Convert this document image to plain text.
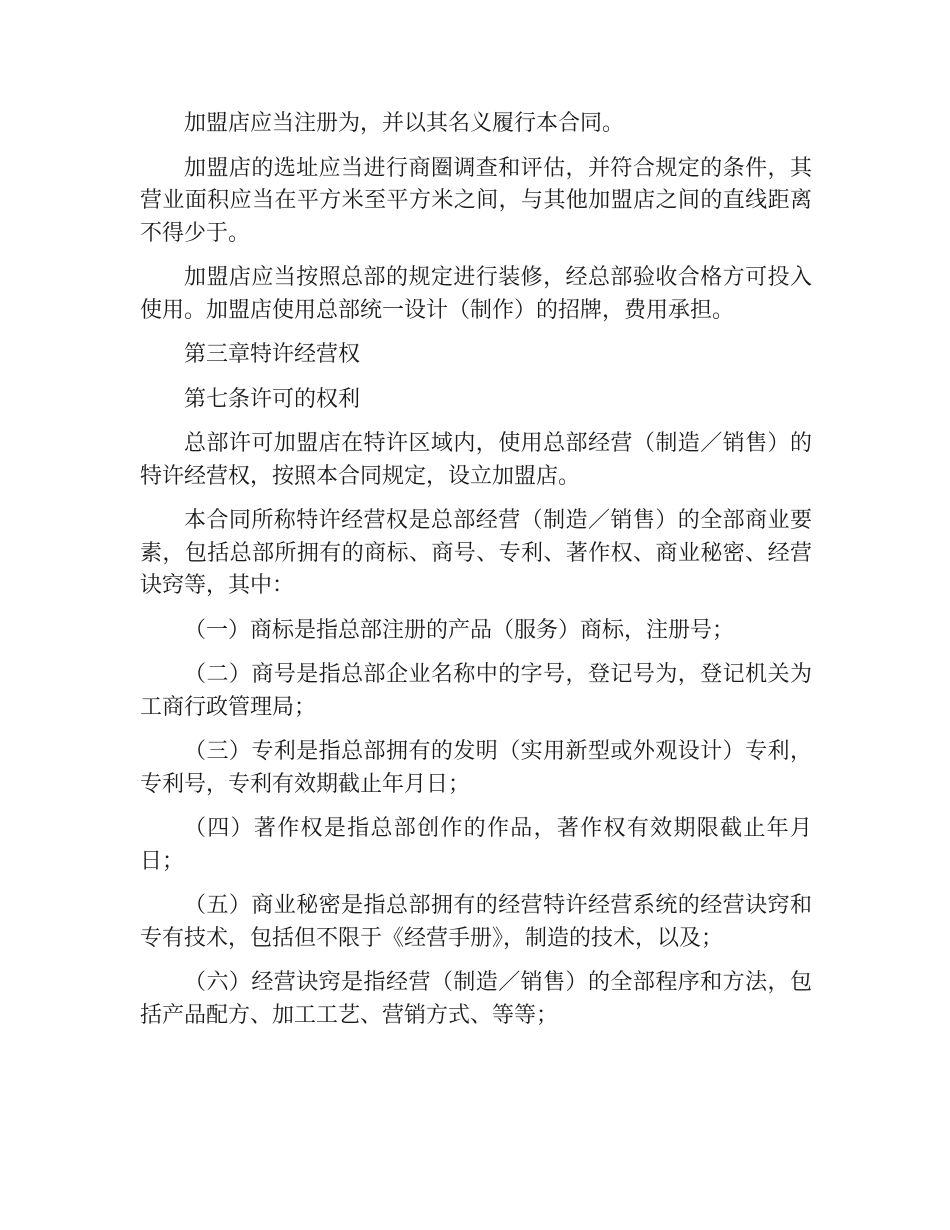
加盟店应当注册为，并以其名义履行本合同。

加盟店的选址应当进行商圈调查和评估，并符合规定的条件，其营业面积应当在平方米至平方米之间，与其他加盟店之间的直线距离不得少于。

加盟店应当按照总部的规定进行装修，经总部验收合格方可投入使用。加盟店使用总部统一设计（制作）的招牌，费用承担。

第三章特许经营权

第七条许可的权利

总部许可加盟店在特许区域内，使用总部经营（制造／销售）的特许经营权，按照本合同规定，设立加盟店。

本合同所称特许经营权是总部经营（制造／销售）的全部商业要素，包括总部所拥有的商标、商号、专利、著作权、商业秘密、经营诀窍等，其中：

（一）商标是指总部注册的产品（服务）商标，注册号；

（二）商号是指总部企业名称中的字号，登记号为，登记机关为工商行政管理局；

（三）专利是指总部拥有的发明（实用新型或外观设计）专利，专利号，专利有效期截止年月日；

（四）著作权是指总部创作的作品，著作权有效期限截止年月日；

（五）商业秘密是指总部拥有的经营特许经营系统的经营诀窍和专有技术，包括但不限于《经营手册》，制造的技术，以及；

（六）经营诀窍是指经营（制造／销售）的全部程序和方法，包括产品配方、加工工艺、营销方式、等等；
